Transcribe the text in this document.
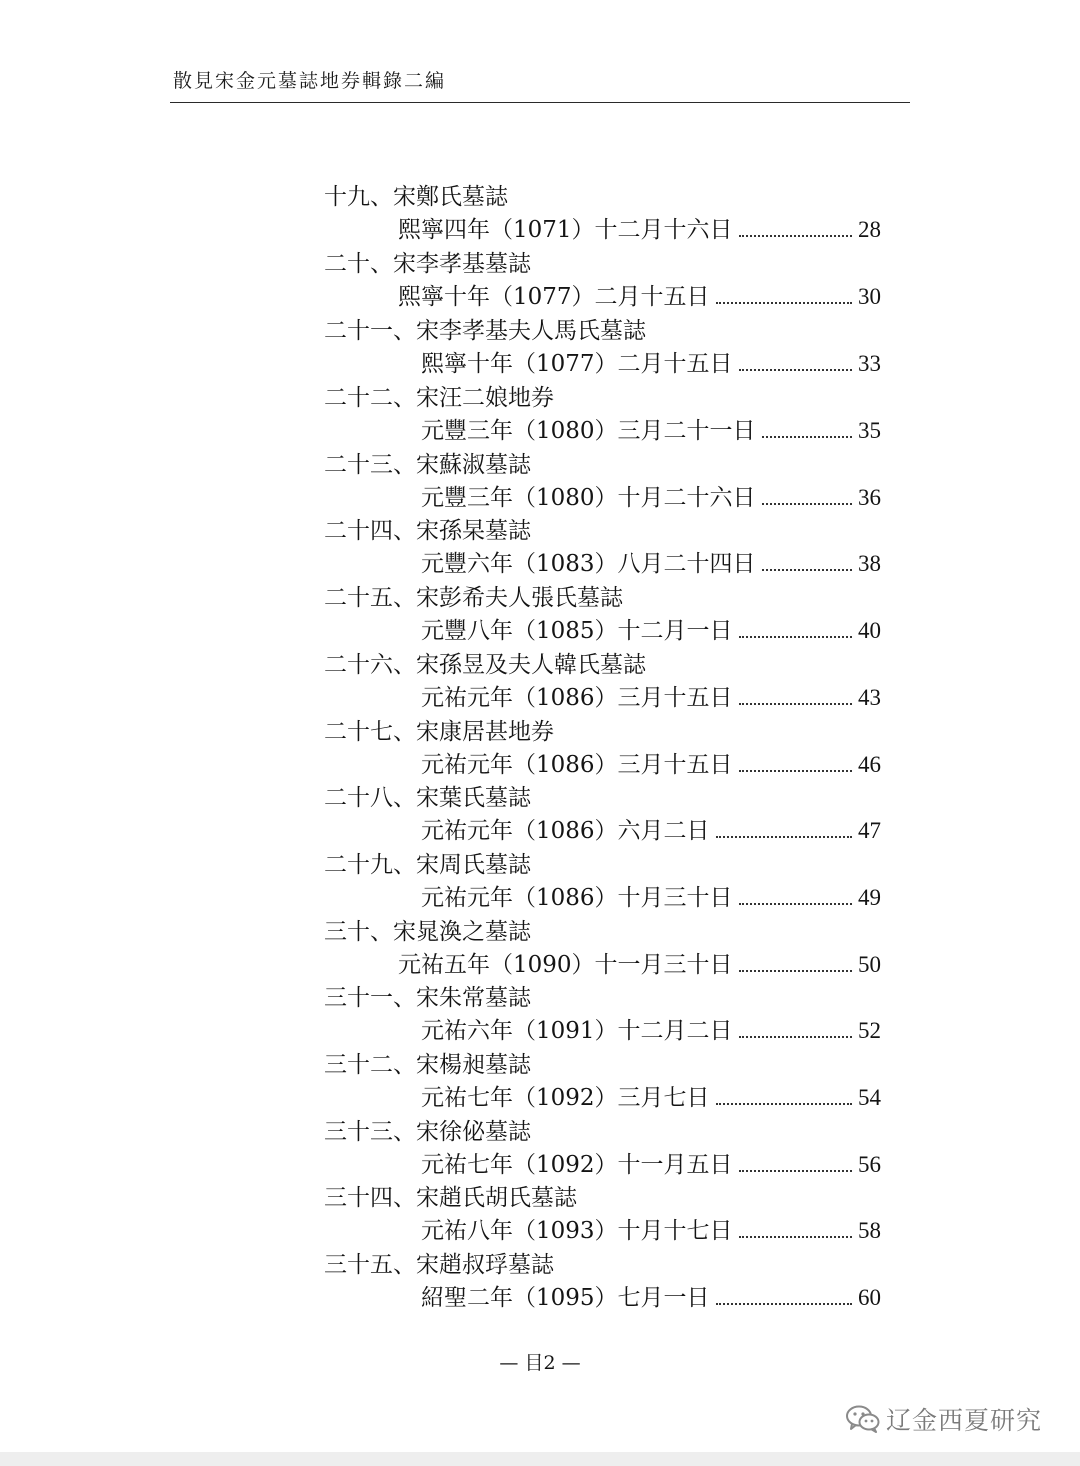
散見宋金元墓誌地券輯錄二編
十九、宋鄭氏墓誌
熙寧四年（1071）十二月十六日	28
二十、宋李孝基墓誌
熙寧十年（1077）二月十五日	30
二十一、宋李孝基夫人馬氏墓誌
熙寧十年（1077）二月十五日	33
二十二、宋汪二娘地券
元豐三年（1080）三月二十一日	35
二十三、宋蘇淑墓誌
元豐三年（1080）十月二十六日	36
二十四、宋孫杲墓誌
元豐六年（1083）八月二十四日	38
二十五、宋彭希夫人張氏墓誌
元豐八年（1085）十二月一日	40
二十六、宋孫昱及夫人韓氏墓誌
元祐元年（1086）三月十五日	43
二十七、宋康居甚地券
元祐元年（1086）三月十五日	46
二十八、宋葉氏墓誌
元祐元年（1086）六月二日	47
二十九、宋周氏墓誌
元祐元年（1086）十月三十日	49
三十、宋晁渙之墓誌
元祐五年（1090）十一月三十日	50
三十一、宋朱常墓誌
元祐六年（1091）十二月二日	52
三十二、宋楊昶墓誌
元祐七年（1092）三月七日	54
三十三、宋徐佖墓誌
元祐七年（1092）十一月五日	56
三十四、宋趙氏胡氏墓誌
元祐八年（1093）十月十七日	58
三十五、宋趙叔琈墓誌
紹聖二年（1095）七月一日	60
— 目2 —
辽金西夏研究
